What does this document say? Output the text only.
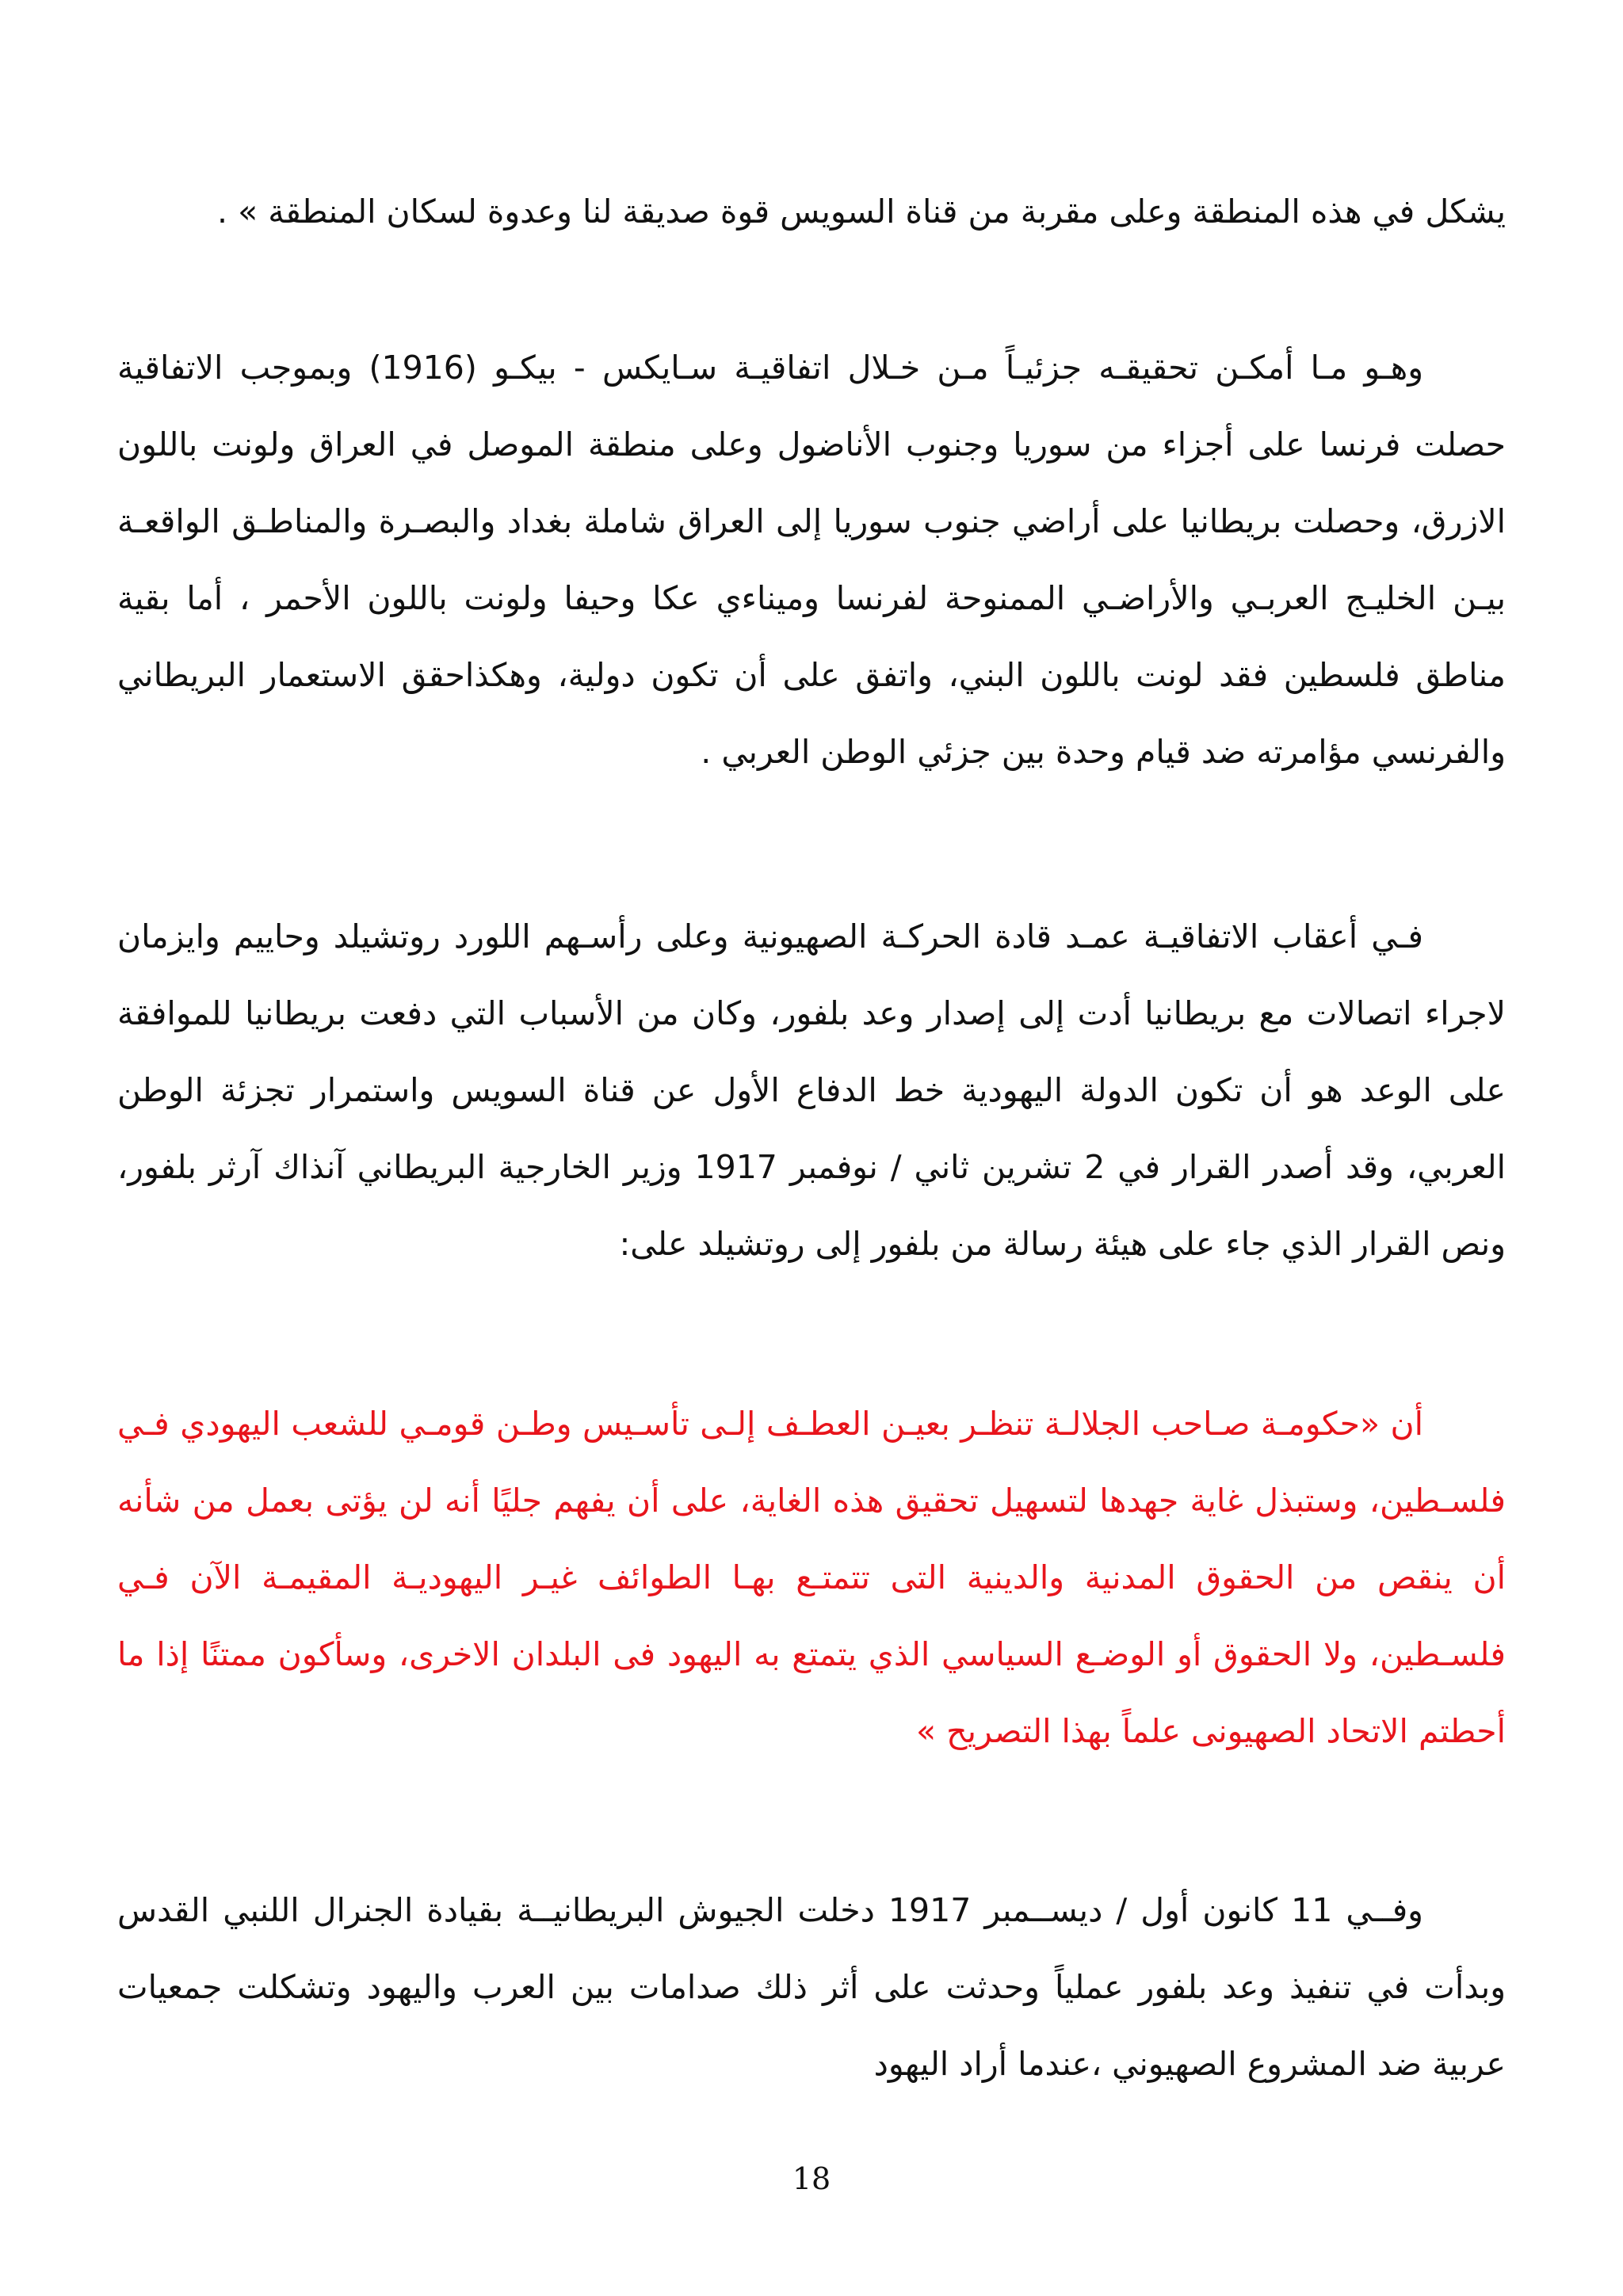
يشكل في هذه المنطقة وعلى مقربة من قناة السويس قوة صديقة لنا وعدوة لسكان المنطقة » .

وهـو مـا أمكـن تحقيقـه جزئيـاً مـن خـلال اتفاقيـة سـايكس - بيكـو (1916) وبموجب الاتفاقية حصلت فرنسا على أجزاء من سوريا وجنوب الأناضول وعلى منطقة الموصل في العراق ولونت باللون الازرق، وحصلت بريطانيا على أراضي جنوب سوريا إلى العراق شاملة بغداد والبصـرة والمناطـق الواقعـة بيـن الخليـج العربـي والأراضـي الممنوحة لفرنسا وميناءي عكا وحيفا ولونت باللون الأحمر ، أما بقية مناطق فلسطين فقد لونت باللون البني، واتفق على أن تكون دولية، وهكذاحقق الاستعمار البريطاني والفرنسي مؤامرته ضد قيام وحدة بين جزئي الوطن العربي .

فـي أعقاب الاتفاقيـة عمـد قادة الحركـة الصهيونية وعلى رأسـهم اللورد روتشيلد وحاييم وايزمان لاجراء اتصالات مع بريطانيا أدت إلى إصدار وعد بلفور، وكان من الأسباب التي دفعت بريطانيا للموافقة على الوعد هو أن تكون الدولة اليهودية خط الدفاع الأول عن قناة السويس واستمرار تجزئة الوطن العربي، وقد أصدر القرار في 2 تشرين ثاني / نوفمبر 1917 وزير الخارجية البريطاني آنذاك آرثر بلفور، ونص القرار الذي جاء على هيئة رسالة من بلفور إلى روتشيلد على:

أن «حكومـة صـاحب الجلالـة تنظـر بعيـن العطـف إلـى تأسـيس وطـن قومـي للشعب اليهودي فـي فلسـطين، وستبذل غاية جهدها لتسهيل تحقيق هذه الغاية، على أن يفهم جليًا أنه لن يؤتى بعمل من شأنه أن ينقص من الحقوق المدنية والدينية التى تتمتـع بهـا الطوائف غيـر اليهوديـة المقيمـة الآن فـي فلسـطين، ولا الحقوق أو الوضـع السياسي الذي يتمتع به اليهود فى البلدان الاخرى، وسأكون ممتنًا إذا ما أحطتم الاتحاد الصهيونى علماً بهذا التصريح »

وفــي 11 كانون أول / ديســمبر 1917 دخلت الجيوش البريطانيــة بقيادة الجنرال اللنبي القدس وبدأت في تنفيذ وعد بلفور عملياً وحدثت على أثر ذلك صدامات بين العرب واليهود وتشكلت جمعيات عربية ضد المشروع الصهيوني ،عندما أراد اليهود

18
